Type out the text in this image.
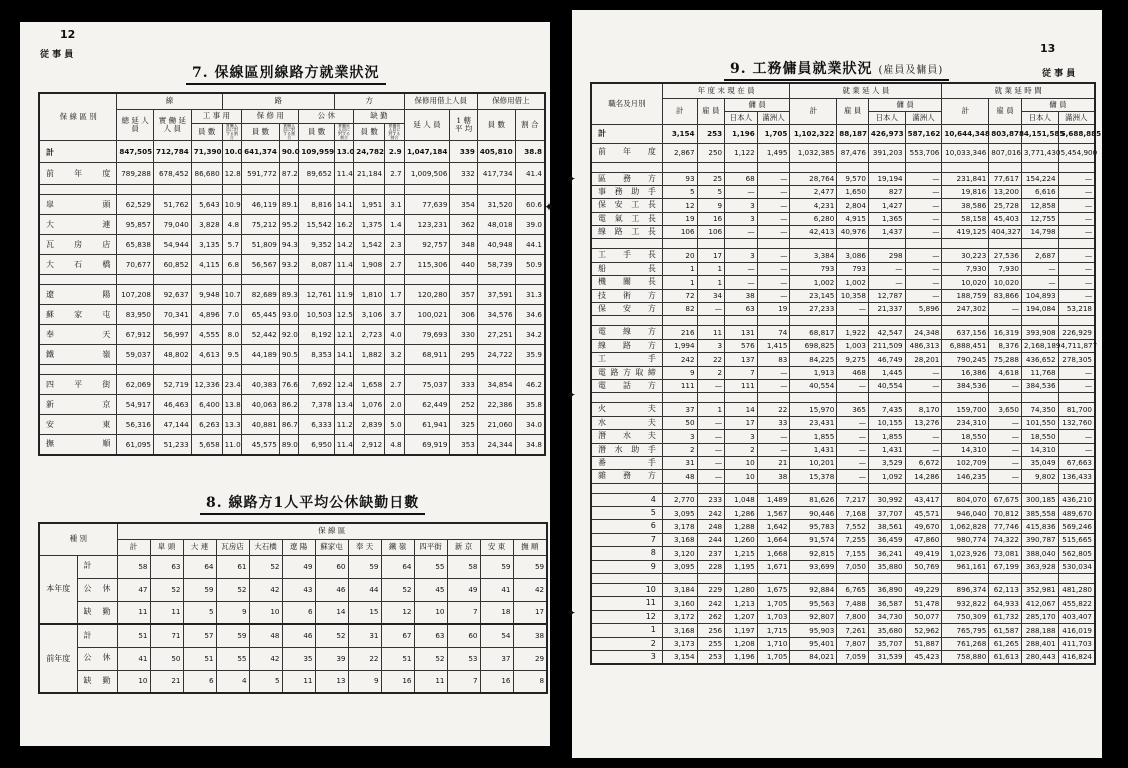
12
従 事 員
7. 保線區別線路方就業狀況
保 線 區 別	線			路				方			保修用借上人員		保修用借上	
	總 延 人 員	實 働 延 人 員	工 事 用		保 修 用		公 休		缺 勤		延 人 員	1 轄 平 均	員 數	割 合
			員 數	實働人員に對する割合	員 數	實働人員に對する割合	員 數	實働延人員に對する割合	員 數	實働延人員に對する割合				
計	847,505	712,784	71,390	10.0	641,374	90.0	109,959	13.0	24,782	2.9	1,047,184	339	405,810	38.8
前 年 度	789,288	678,452	86,680	12.8	591,772	87.2	89,652	11.4	21,184	2.7	1,009,506	332	417,734	41.4

皐 頭	62,529	51,762	5,643	10.9	46,119	89.1	8,816	14.1	1,951	3.1	77,639	354	31,520	60.6
大 連	95,857	79,040	3,828	4.8	75,212	95.2	15,542	16.2	1,375	1.4	123,231	362	48,018	39.0
瓦 房 店	65,838	54,944	3,135	5.7	51,809	94.3	9,352	14.2	1,542	2.3	92,757	348	40,948	44.1
大 石 橋	70,677	60,852	4,115	6.8	56,567	93.2	8,087	11.4	1,908	2.7	115,306	440	58,739	50.9

遼 陽	107,208	92,637	9,948	10.7	82,689	89.3	12,761	11.9	1,810	1.7	120,280	357	37,591	31.3
蘇 家 屯	83,950	70,341	4,896	7.0	65,445	93.0	10,503	12.5	3,106	3.7	100,021	306	34,576	34.6
奉 天	67,912	56,997	4,555	8.0	52,442	92.0	8,192	12.1	2,723	4.0	79,693	330	27,251	34.2
鐵 嶺	59,037	48,802	4,613	9.5	44,189	90.5	8,353	14.1	1,882	3.2	68,911	295	24,722	35.9

四 平 街	62,069	52,719	12,336	23.4	40,383	76.6	7,692	12.4	1,658	2.7	75,037	333	34,854	46.2
新 京	54,917	46,463	6,400	13.8	40,063	86.2	7,378	13.4	1,076	2.0	62,449	252	22,386	35.8
安 東	56,316	47,144	6,263	13.3	40,881	86.7	6,333	11.2	2,839	5.0	61,941	325	21,060	34.0
撫 順	61,095	51,233	5,658	11.0	45,575	89.0	6,950	11.4	2,912	4.8	69,919	353	24,344	34.8
8. 線路方1人平均公休缺勤日數
種 別		保 線 區												
		計	皐 頭	大 連	瓦房店	大石橋	遼 陽	蘇家屯	奉 天	鐵 嶺	四平街	新 京	安 東	撫 順
本年度	計	58	63	64	61	52	49	60	59	64	55	58	59	59
	公 休	47	52	59	52	42	43	46	44	52	45	49	41	42
	缺 勤	11	11	5	9	10	6	14	15	12	10	7	18	17
前年度	計	51	71	57	59	48	46	52	31	67	63	60	54	38
	公 休	41	50	51	55	42	35	39	22	51	52	53	37	29
	缺 勤	10	21	6	4	5	11	13	9	16	11	7	16	8
✦
13
従 事 員
9. 工務傭員就業狀況 (雇員及傭員)
職名及月別	年 度 末 現 在 員				就 業 延 人 員				就 業 延 時 間			
	計	雇 員	傭 員		計	雇 員	傭 員		計	雇 員	傭 員	
			日本人	滿洲人			日本人	滿洲人			日本人	滿洲人
計	3,154	253	1,196	1,705	1,102,322	88,187	426,973	587,162	10,644,348	803,878	4,151,585	5,688,885
前 年 度	2,867	250	1,122	1,495	1,032,385	87,476	391,203	553,706	10,033,346	807,016	3,771,430	5,454,900

區 務 方	93	25	68	—	28,764	9,570	19,194	—	231,841	77,617	154,224	—
事 務 助 手	5	5	—	—	2,477	1,650	827	—	19,816	13,200	6,616	—
保 安 工 長	12	9	3	—	4,231	2,804	1,427	—	38,586	25,728	12,858	—
電 氣 工 長	19	16	3	—	6,280	4,915	1,365	—	58,158	45,403	12,755	—
線 路 工 長	106	106	—	—	42,413	40,976	1,437	—	419,125	404,327	14,798	—

工 手 長	20	17	3	—	3,384	3,086	298	—	30,223	27,536	2,687	—
船 長	1	1	—	—	793	793	—	—	7,930	7,930	—	—
機 關 長	1	1	—	—	1,002	1,002	—	—	10,020	10,020	—	—
技 術 方	72	34	38	—	23,145	10,358	12,787	—	188,759	83,866	104,893	—
保 安 方	82	—	63	19	27,233	—	21,337	5,896	247,302	—	194,084	53,218

電 線 方	216	11	131	74	68,817	1,922	42,547	24,348	637,156	16,319	393,908	226,929
線 路 方	1,994	3	576	1,415	698,825	1,003	211,509	486,313	6,888,451	8,376	2,168,189	4,711,877
工 手	242	22	137	83	84,225	9,275	46,749	28,201	790,245	75,288	436,652	278,305
電 路 方 取 締	9	2	7	—	1,913	468	1,445	—	16,386	4,618	11,768	—
電 話 方	111	—	111	—	40,554	—	40,554	—	384,536	—	384,536	—

火 夫	37	1	14	22	15,970	365	7,435	8,170	159,700	3,650	74,350	81,700
水 夫	50	—	17	33	23,431	—	10,155	13,276	234,310	—	101,550	132,760
潛 水 夫	3	—	3	—	1,855	—	1,855	—	18,550	—	18,550	—
潛 水 助 手	2	—	2	—	1,431	—	1,431	—	14,310	—	14,310	—
番 手	31	—	10	21	10,201	—	3,529	6,672	102,709	—	35,049	67,663
雜 務 方	48	—	10	38	15,378	—	1,092	14,286	146,235	—	9,802	136,433

4	2,770	233	1,048	1,489	81,626	7,217	30,992	43,417	804,070	67,675	300,185	436,210
5	3,095	242	1,286	1,567	90,446	7,168	37,707	45,571	946,040	70,812	385,558	489,670
6	3,178	248	1,288	1,642	95,783	7,552	38,561	49,670	1,062,828	77,746	415,836	569,246
7	3,168	244	1,260	1,664	91,574	7,255	36,459	47,860	980,774	74,322	390,787	515,665
8	3,120	237	1,215	1,668	92,815	7,155	36,241	49,419	1,023,926	73,081	388,040	562,805
9	3,095	228	1,195	1,671	93,699	7,050	35,880	50,769	961,161	67,199	363,928	530,034

10	3,184	229	1,280	1,675	92,884	6,765	36,890	49,229	896,374	62,113	352,981	481,280
11	3,160	242	1,213	1,705	95,563	7,488	36,587	51,478	932,822	64,933	412,067	455,822
12	3,172	262	1,207	1,703	92,807	7,800	34,730	50,077	750,309	61,732	285,170	403,407
1	3,168	256	1,197	1,715	95,903	7,261	35,680	52,962	765,795	61,587	288,188	416,019
2	3,173	255	1,208	1,710	95,401	7,807	35,707	51,887	761,268	61,265	288,401	411,703
3	3,154	253	1,196	1,705	84,021	7,059	31,539	45,423	758,880	61,613	280,443	416,824
✦
✦
✦
